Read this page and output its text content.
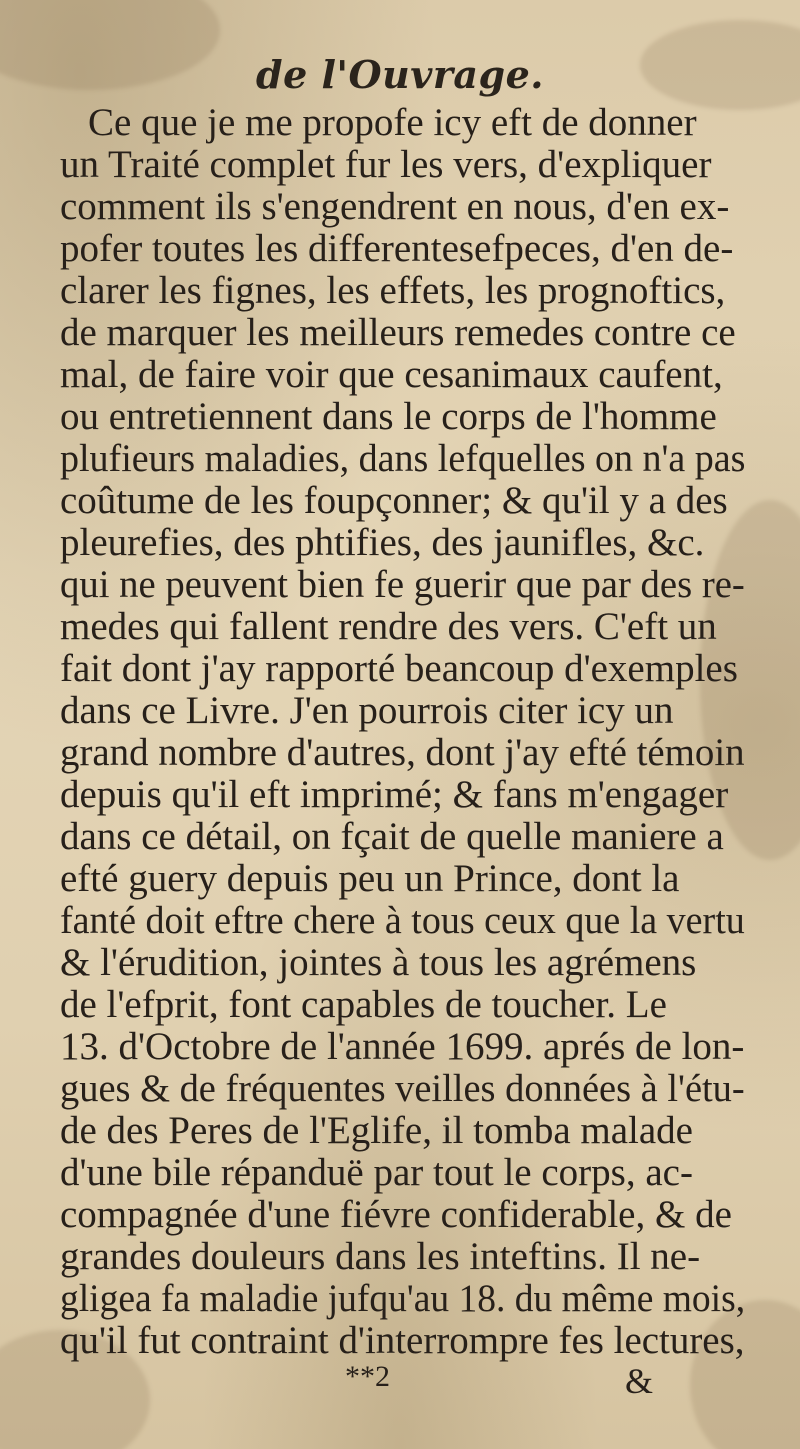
de l'Ouvrage.
Ce que je me propofe icy eft de donner
un Traité complet fur les vers, d'expliquer
comment ils s'engendrent en nous, d'en ex-
pofer toutes les differentesefpeces, d'en de-
clarer les fignes, les effets, les prognoftics,
de marquer les meilleurs remedes contre ce
mal, de faire voir que cesanimaux caufent,
ou entretiennent dans le corps de l'homme
plufieurs maladies, dans lefquelles on n'a pas
coûtume de les foupçonner; & qu'il y a des
pleurefies, des phtifies, des jaunifles, &c.
qui ne peuvent bien fe guerir que par des re-
medes qui fallent rendre des vers. C'eft un
fait dont j'ay rapporté beancoup d'exemples
dans ce Livre. J'en pourrois citer icy un
grand nombre d'autres, dont j'ay efté témoin
depuis qu'il eft imprimé; & fans m'engager
dans ce détail, on fçait de quelle maniere a
efté guery depuis peu un Prince, dont la
fanté doit eftre chere à tous ceux que la vertu
& l'érudition, jointes à tous les agrémens
de l'efprit, font capables de toucher. Le
13. d'Octobre de l'année 1699. aprés de lon-
gues & de fréquentes veilles données à l'étu-
de des Peres de l'Eglife, il tomba malade
d'une bile répanduë par tout le corps, ac-
compagnée d'une fiévre confiderable, & de
grandes douleurs dans les inteftins. Il ne-
gligea fa maladie jufqu'au 18. du même mois,
qu'il fut contraint d'interrompre fes lectures,
**2	&
